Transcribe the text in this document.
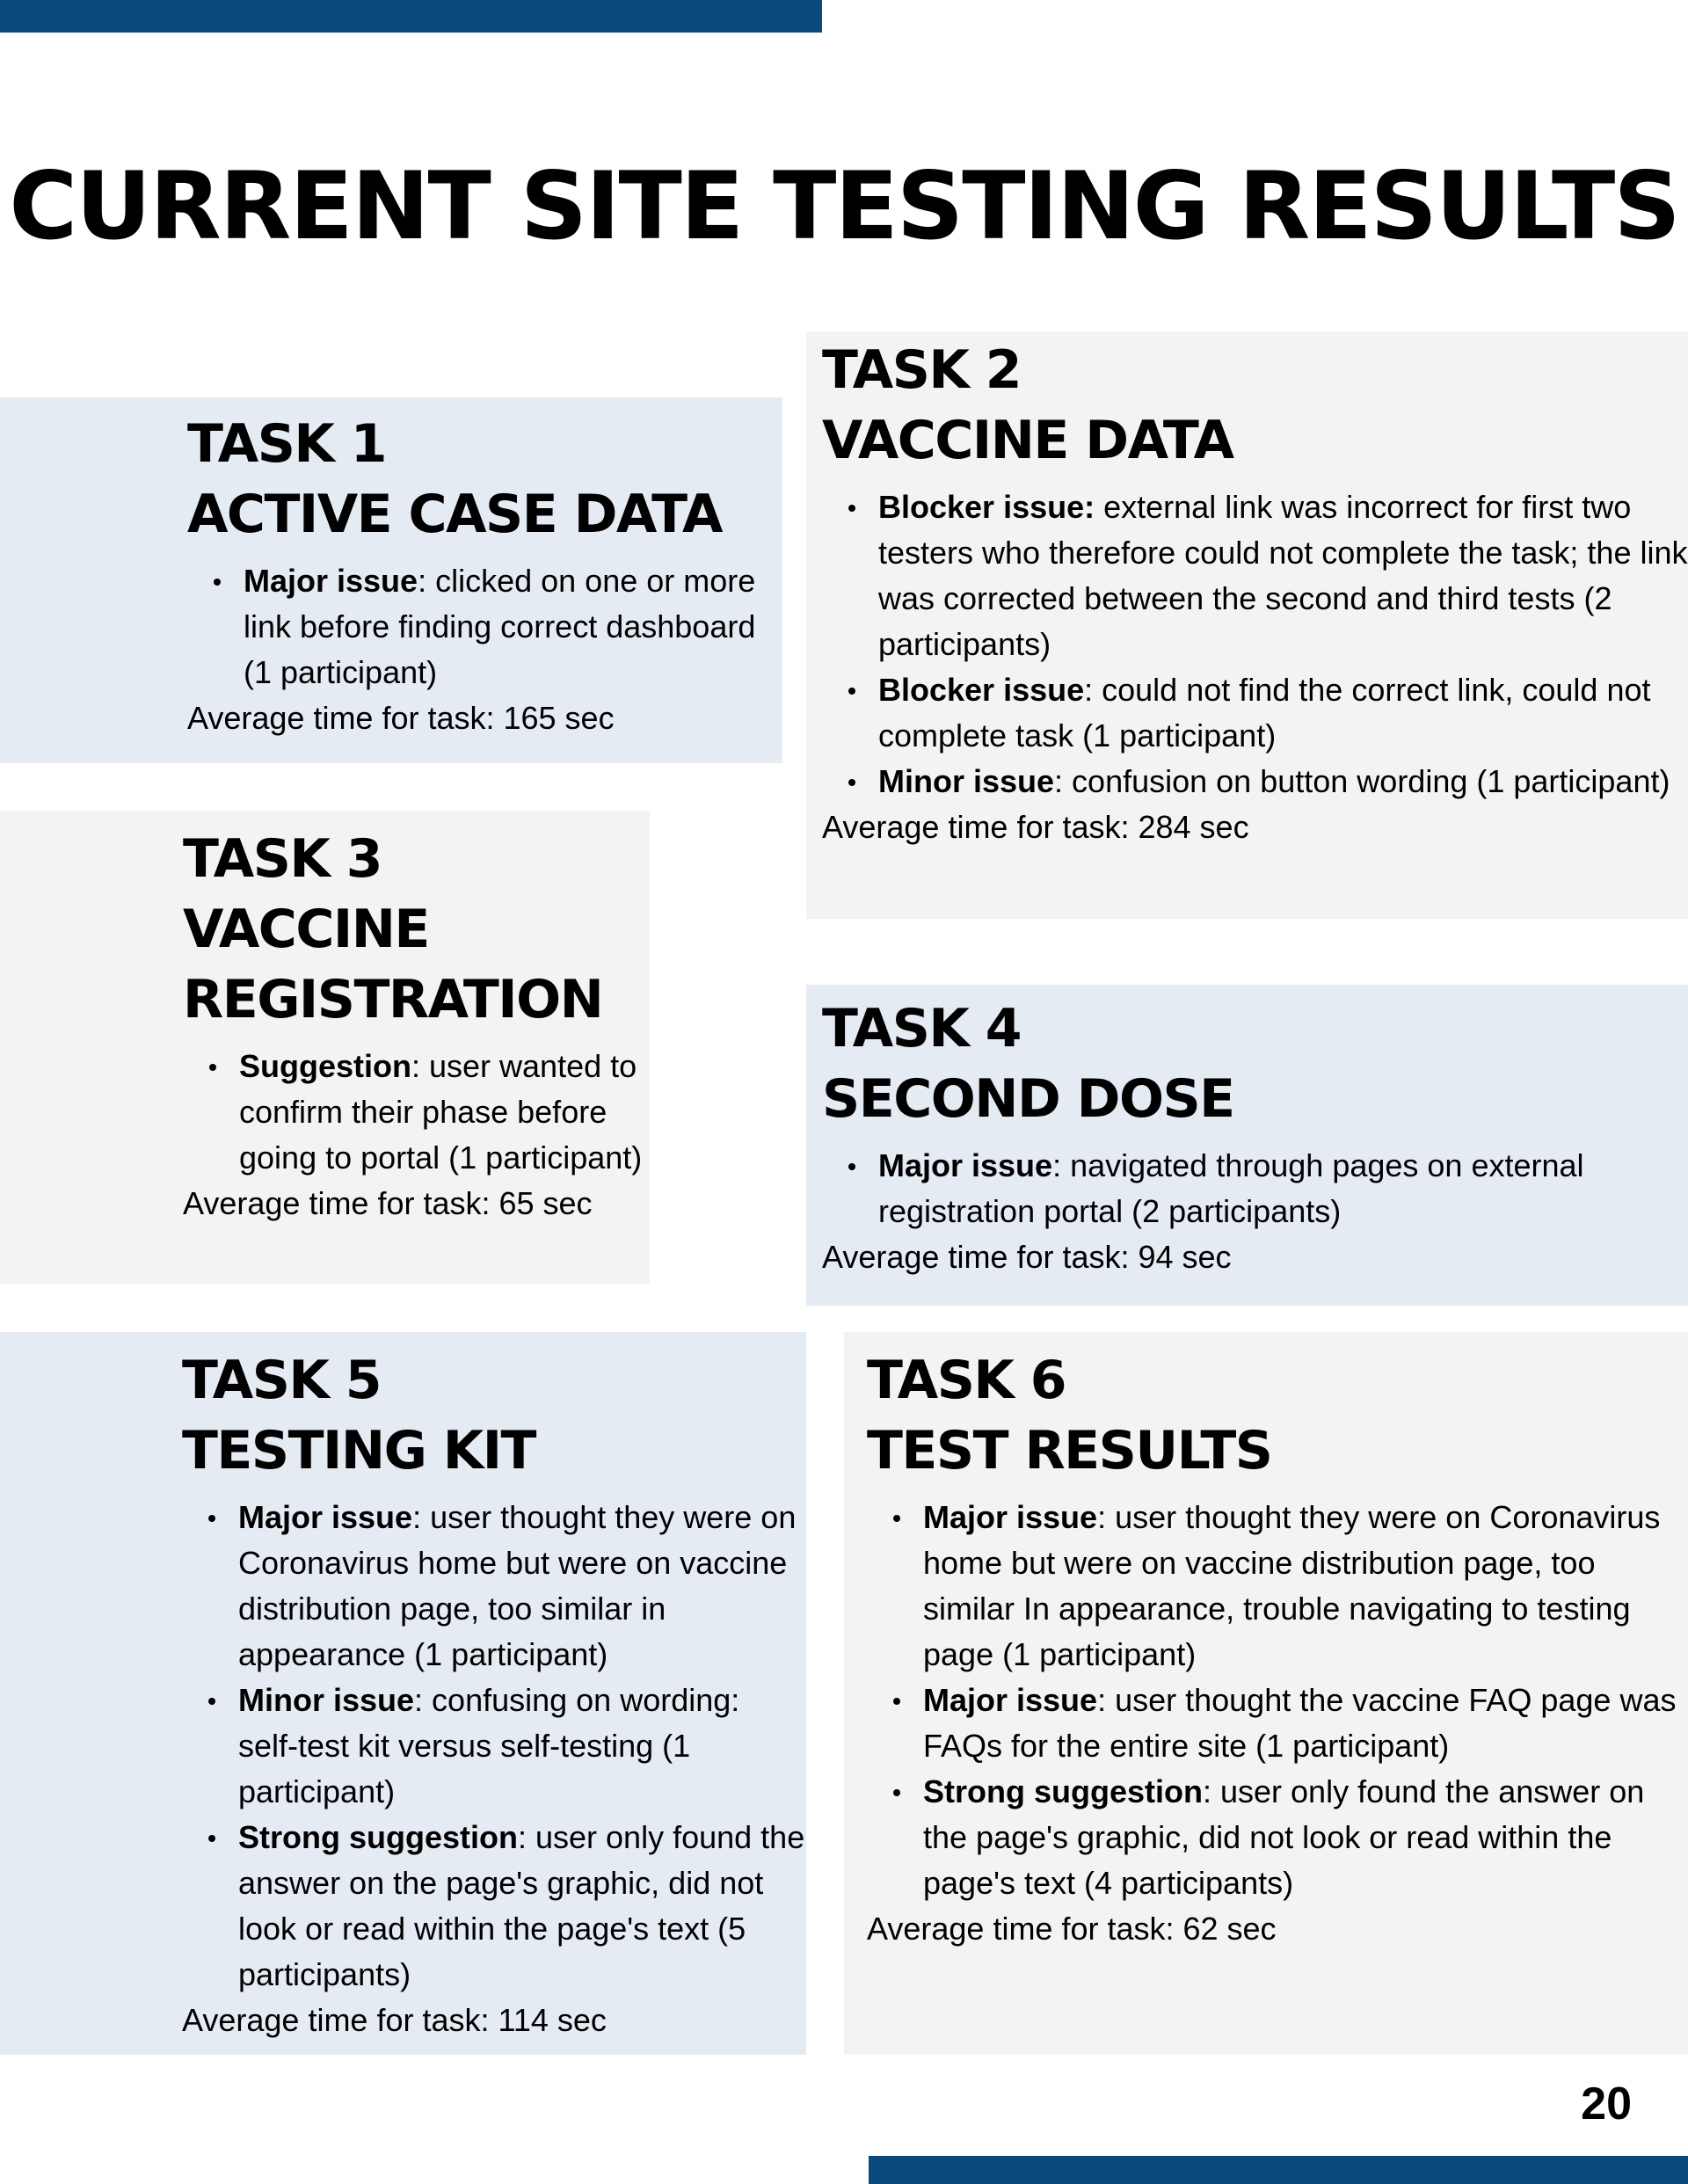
CURRENT SITE TESTING RESULTS
TASK 1
ACTIVE CASE DATA
Major issue: clicked on one or more link before finding correct dashboard (1 participant)
Average time for task: 165 sec
TASK 2
VACCINE DATA
Blocker issue: external link was incorrect for first two testers who therefore could not complete the task; the link was corrected between the second and third tests (2 participants)
Blocker issue: could not find the correct link, could not complete task (1 participant)
Minor issue: confusion on button wording (1 participant)
Average time for task: 284 sec
TASK 3
VACCINE
REGISTRATION
Suggestion: user wanted to confirm their phase before going to portal (1 participant)
Average time for task: 65 sec
TASK 4
SECOND DOSE
Major issue: navigated through pages on external registration portal (2 participants)
Average time for task: 94 sec
TASK 5
TESTING KIT
Major issue: user thought they were on Coronavirus home but were on vaccine distribution page, too similar in appearance (1 participant)
Minor issue: confusing on wording: self-test kit versus self-testing (1 participant)
Strong suggestion: user only found the answer on the page's graphic, did not look or read within the page's text (5 participants)
Average time for task: 114 sec
TASK 6
TEST RESULTS
Major issue: user thought they were on Coronavirus home but were on vaccine distribution page, too similar In appearance, trouble navigating to testing page (1 participant)
Major issue: user thought the vaccine FAQ page was FAQs for the entire site (1 participant)
Strong suggestion: user only found the answer on the page's graphic, did not look or read within the page's text (4 participants)
Average time for task: 62 sec
20
